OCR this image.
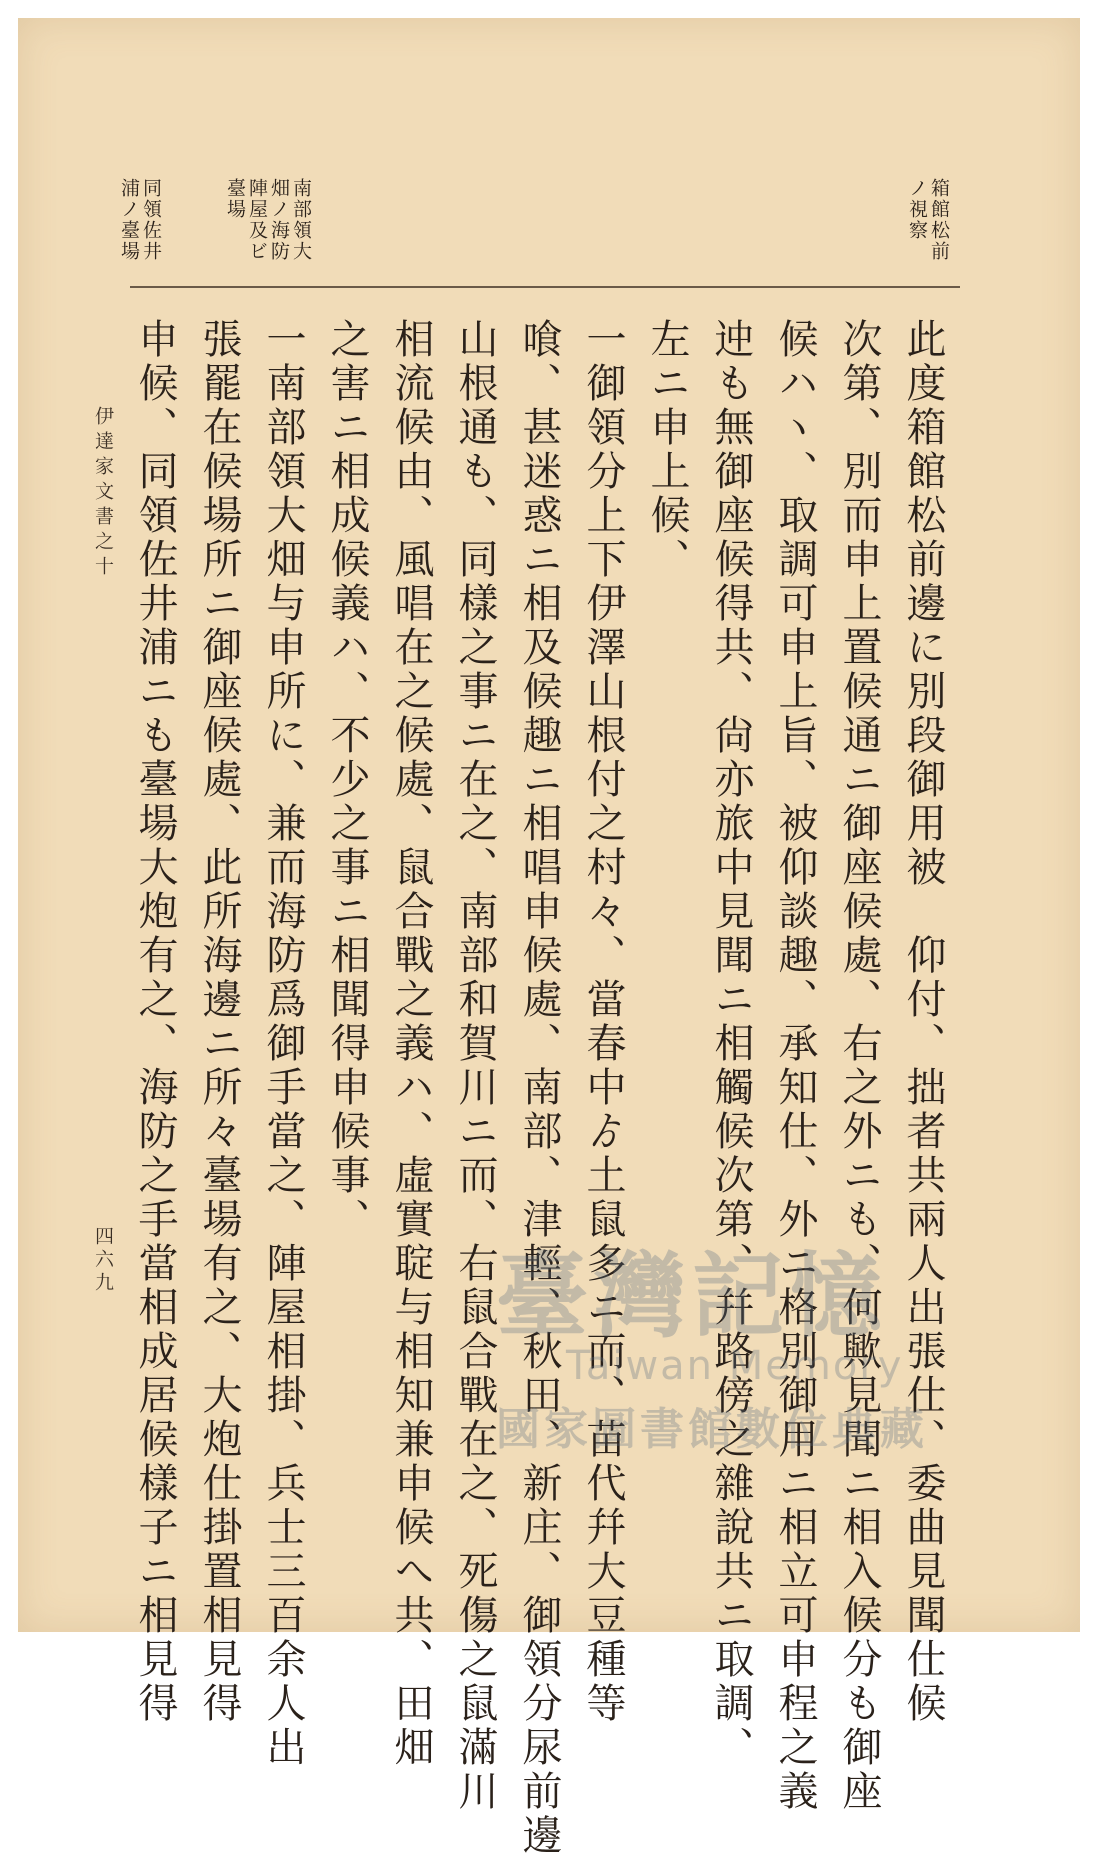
箱館松前
ノ視察
南部領大
畑ノ海防
陣屋及ビ
臺場
同領佐井
浦ノ臺場
此度箱館松前邊に別段御用被　仰付、拙者共兩人出張仕、委曲見聞仕候
次第、別而申上置候通ニ御座候處、右之外ニも、何歟見聞ニ相入候分も御座
候ハヽ、取調可申上旨、被仰談趣、承知仕、外ニ格別御用ニ相立可申程之義
迚も無御座候得共、尙亦旅中見聞ニ相觸候次第、幷路傍之雜說共ニ取調、
左ニ申上候、
一御領分上下伊澤山根付之村々、當春中ゟ土鼠多ニ而、苗代幷大豆種等
喰、甚迷惑ニ相及候趣ニ相唱申候處、南部、津輕、秋田、新庄、御領分尿前邊
山根通も、同樣之事ニ在之、南部和賀川ニ而、右鼠合戰在之、死傷之鼠滿川
相流候由、風唱在之候處、鼠合戰之義ハ、虛實聢与相知兼申候へ共、田畑
之害ニ相成候義ハ、不少之事ニ相聞得申候事、
一南部領大畑与申所に、兼而海防爲御手當之、陣屋相掛、兵士三百余人出
張罷在候場所ニ御座候處、此所海邊ニ所々臺場有之、大炮仕掛置相見得
申候、同領佐井浦ニも臺場大炮有之、海防之手當相成居候樣子ニ相見得
伊達家文書之十
四六九	臺灣記憶
Taiwan Memory
國家圖書館數位典藏
